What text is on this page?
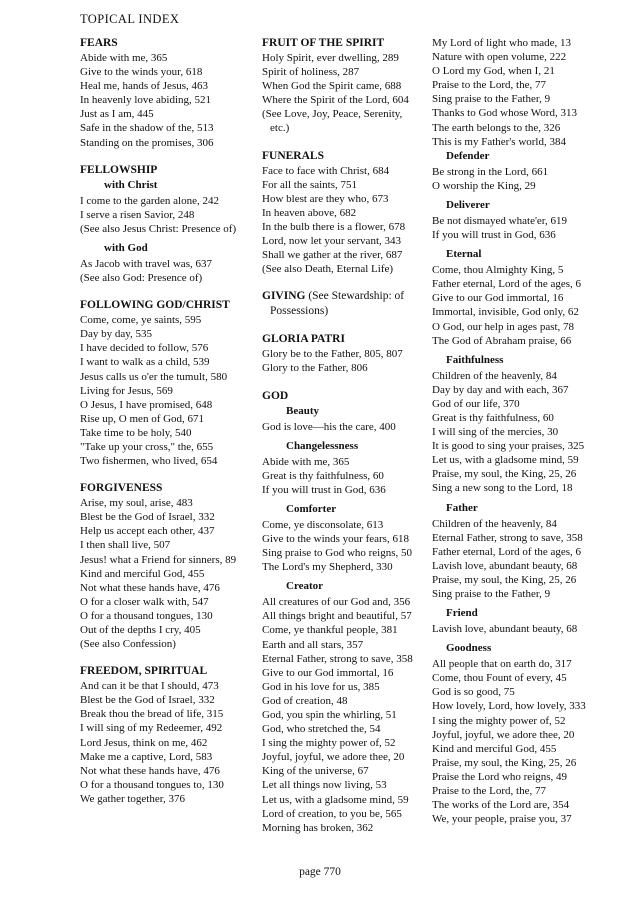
TOPICAL INDEX
FEARS
Abide with me, 365
Give to the winds your, 618
Heal me, hands of Jesus, 463
In heavenly love abiding, 521
Just as I am, 445
Safe in the shadow of the, 513
Standing on the promises, 306
FELLOWSHIP
with Christ
I come to the garden alone, 242
I serve a risen Savior, 248
(See also Jesus Christ: Presence of)
with God
As Jacob with travel was, 637
(See also God: Presence of)
FOLLOWING GOD/CHRIST
Come, come, ye saints, 595
Day by day, 535
I have decided to follow, 576
I want to walk as a child, 539
Jesus calls us o'er the tumult, 580
Living for Jesus, 569
O Jesus, I have promised, 648
Rise up, O men of God, 671
Take time to be holy, 540
"Take up your cross," the, 655
Two fishermen, who lived, 654
FORGIVENESS
Arise, my soul, arise, 483
Blest be the God of Israel, 332
Help us accept each other, 437
I then shall live, 507
Jesus! what a Friend for sinners, 89
Kind and merciful God, 455
Not what these hands have, 476
O for a closer walk with, 547
O for a thousand tongues, 130
Out of the depths I cry, 405
(See also Confession)
FREEDOM, SPIRITUAL
And can it be that I should, 473
Blest be the God of Israel, 332
Break thou the bread of life, 315
I will sing of my Redeemer, 492
Lord Jesus, think on me, 462
Make me a captive, Lord, 583
Not what these hands have, 476
O for a thousand tongues to, 130
We gather together, 376
FRUIT OF THE SPIRIT
Holy Spirit, ever dwelling, 289
Spirit of holiness, 287
When God the Spirit came, 688
Where the Spirit of the Lord, 604
(See Love, Joy, Peace, Serenity, etc.)
FUNERALS
Face to face with Christ, 684
For all the saints, 751
How blest are they who, 673
In heaven above, 682
In the bulb there is a flower, 678
Lord, now let your servant, 343
Shall we gather at the river, 687
(See also Death, Eternal Life)
GIVING (See Stewardship: of Possessions)
GLORIA PATRI
Glory be to the Father, 805, 807
Glory to the Father, 806
GOD
Beauty
God is love—his the care, 400
Changelessness
Abide with me, 365
Great is thy faithfulness, 60
If you will trust in God, 636
Comforter
Come, ye disconsolate, 613
Give to the winds your fears, 618
Sing praise to God who reigns, 50
The Lord's my Shepherd, 330
Creator
All creatures of our God and, 356
All things bright and beautiful, 57
Come, ye thankful people, 381
Earth and all stars, 357
Eternal Father, strong to save, 358
Give to our God immortal, 16
God in his love for us, 385
God of creation, 48
God, you spin the whirling, 51
God, who stretched the, 54
I sing the mighty power of, 52
Joyful, joyful, we adore thee, 20
King of the universe, 67
Let all things now living, 53
Let us, with a gladsome mind, 59
Lord of creation, to you be, 565
Morning has broken, 362
My Lord of light who made, 13
Nature with open volume, 222
O Lord my God, when I, 21
Praise to the Lord, the, 77
Sing praise to the Father, 9
Thanks to God whose Word, 313
The earth belongs to the, 326
This is my Father's world, 384
Defender
Be strong in the Lord, 661
O worship the King, 29
Deliverer
Be not dismayed whate'er, 619
If you will trust in God, 636
Eternal
Come, thou Almighty King, 5
Father eternal, Lord of the ages, 6
Give to our God immortal, 16
Immortal, invisible, God only, 62
O God, our help in ages past, 78
The God of Abraham praise, 66
Faithfulness
Children of the heavenly, 84
Day by day and with each, 367
God of our life, 370
Great is thy faithfulness, 60
I will sing of the mercies, 30
It is good to sing your praises, 325
Let us, with a gladsome mind, 59
Praise, my soul, the King, 25, 26
Sing a new song to the Lord, 18
Father
Children of the heavenly, 84
Eternal Father, strong to save, 358
Father eternal, Lord of the ages, 6
Lavish love, abundant beauty, 68
Praise, my soul, the King, 25, 26
Sing praise to the Father, 9
Friend
Lavish love, abundant beauty, 68
Goodness
All people that on earth do, 317
Come, thou Fount of every, 45
God is so good, 75
How lovely, Lord, how lovely, 333
I sing the mighty power of, 52
Joyful, joyful, we adore thee, 20
Kind and merciful God, 455
Praise, my soul, the King, 25, 26
Praise the Lord who reigns, 49
Praise to the Lord, the, 77
The works of the Lord are, 354
We, your people, praise you, 37
page 770
